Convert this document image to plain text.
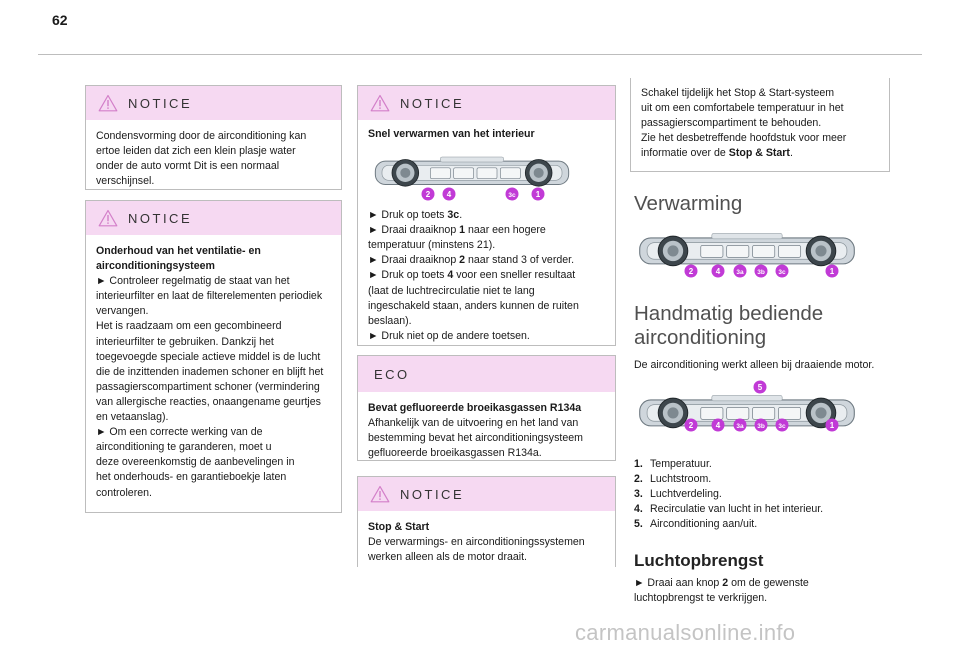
62
NOTICE

Condensvorming door de airconditioning kan

ertoe leiden dat zich een klein plasje water

onder de auto vormt Dit is een normaal

verschijnsel.

NOTICE

Onderhoud van het ventilatie- en

airconditioningsysteem

► Controleer regelmatig de staat van het

interieurfilter en laat de filterelementen periodiek

vervangen.

Het is raadzaam om een gecombineerd

interieurfilter te gebruiken. Dankzij het

toegevoegde speciale actieve middel is de lucht

die de inzittenden inademen schoner en blijft het

passagierscompartiment schoner (vermindering

van allergische reacties, onaangename geurtjes

en vetaanslag).

► Om een correcte werking van de

airconditioning te garanderen, moet u

deze overeenkomstig de aanbevelingen in

het onderhouds- en garantieboekje laten

controleren.

NOTICE

Snel verwarmen van het interieur

2 4	3c	1

► Druk op toets 3c.

► Draai draaiknop 1 naar een hogere

temperatuur (minstens 21).

► Draai draaiknop 2 naar stand 3 of verder.

► Druk op toets 4 voor een sneller resultaat

(laat de luchtrecirculatie niet te lang

ingeschakeld staan, anders kunnen de ruiten

beslaan).

► Druk niet op de andere toetsen.

ECO

Bevat gefluoreerde broeikasgassen R134a

Afhankelijk van de uitvoering en het land van

bestemming bevat het airconditioningsysteem

gefluoreerde broeikasgassen R134a.

NOTICE

Stop & Start

De verwarmings- en airconditioningssystemen

werken alleen als de motor draait.

Schakel tijdelijk het Stop & Start-systeem

uit om een comfortabele temperatuur in het

passagierscompartiment te behouden.

Zie het desbetreffende hoofdstuk voor meer

informatie over de Stop & Start.

Verwarming
2	4 3a 3b 3c	1
Handmatig bediende
airconditioning
De airconditioning werkt alleen bij draaiende motor.
5
2	4 3a 3b 3c	1
1. Temperatuur.
2. Luchtstroom.
3. Luchtverdeling.
4. Recirculatie van lucht in het interieur.
5. Airconditioning aan/uit.
Luchtopbrengst
► Draai aan knop 2 om de gewenste
luchtopbrengst te verkrijgen.
carmanualsonline.info
